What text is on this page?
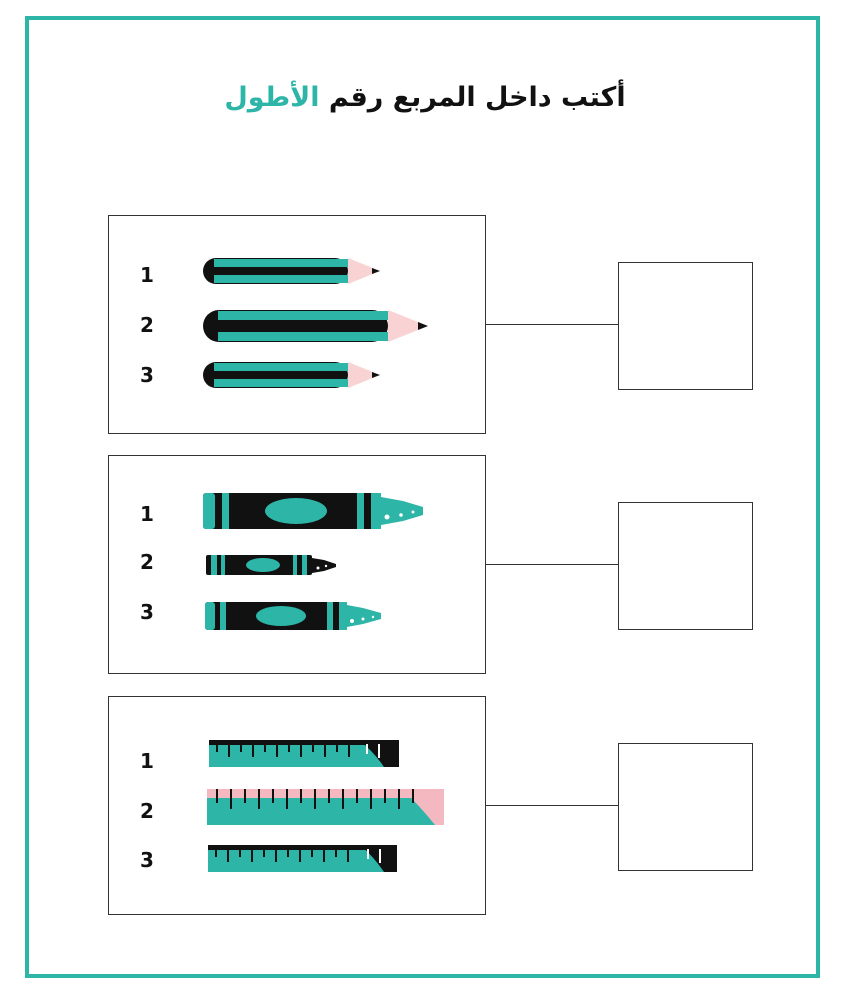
أكتب داخل المربع رقم الأطول
1
2
3
1
2
3
1
2
3
